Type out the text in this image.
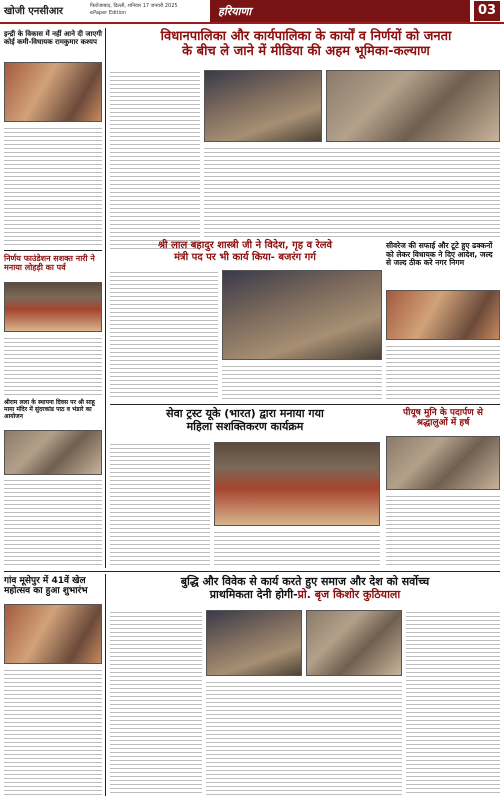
खोजी एनसीआर	फिरोजाबाद, दिल्ली, शनिवार 17 जनवरी 2025
ePaper Edition	हरियाणा	03
इन्द्री के विकास में नहीं आने दी जाएगी कोई कमी-विधायक रामकुमार कश्यप
निर्णय फाउंडेशन सशक्त नारी ने मनाया लोहड़ी का पर्व
श्रीराम लला के स्थापना दिवस पर श्री साहू मामा मंदिर में सुंदरकांड पाठ व भंडारे का आयोजन
विधानपालिका और कार्यपालिका के कार्यों व निर्णयों को जनता
के बीच ले जाने में मीडिया की अहम भूमिका-कल्याण
श्री लाल बहादुर शास्त्री जी ने विदेश, गृह व रेलवे
मंत्री पद पर भी कार्य किया- बजरंग गर्ग
सीवरेज की सफाई और टूटे हुए ढक्कनों को लेकर विधायक ने दिए आदेश, जल्द से जल्द ठीक करे नगर निगम
सेवा ट्रस्ट यूके (भारत) द्वारा मनाया गया
महिला सशक्तिकरण कार्यक्रम
पीयूष मुनि के पदार्पण से
श्रद्धालुओं में हर्ष
गांव मूसेपुर में 41वें खेल
महोत्सव का हुआ शुभारंभ
बुद्धि और विवेक से कार्य करते हुए समाज और देश को सर्वोच्च
प्राथमिकता देनी होगी-प्रो. बृज किशोर कुठियाला
